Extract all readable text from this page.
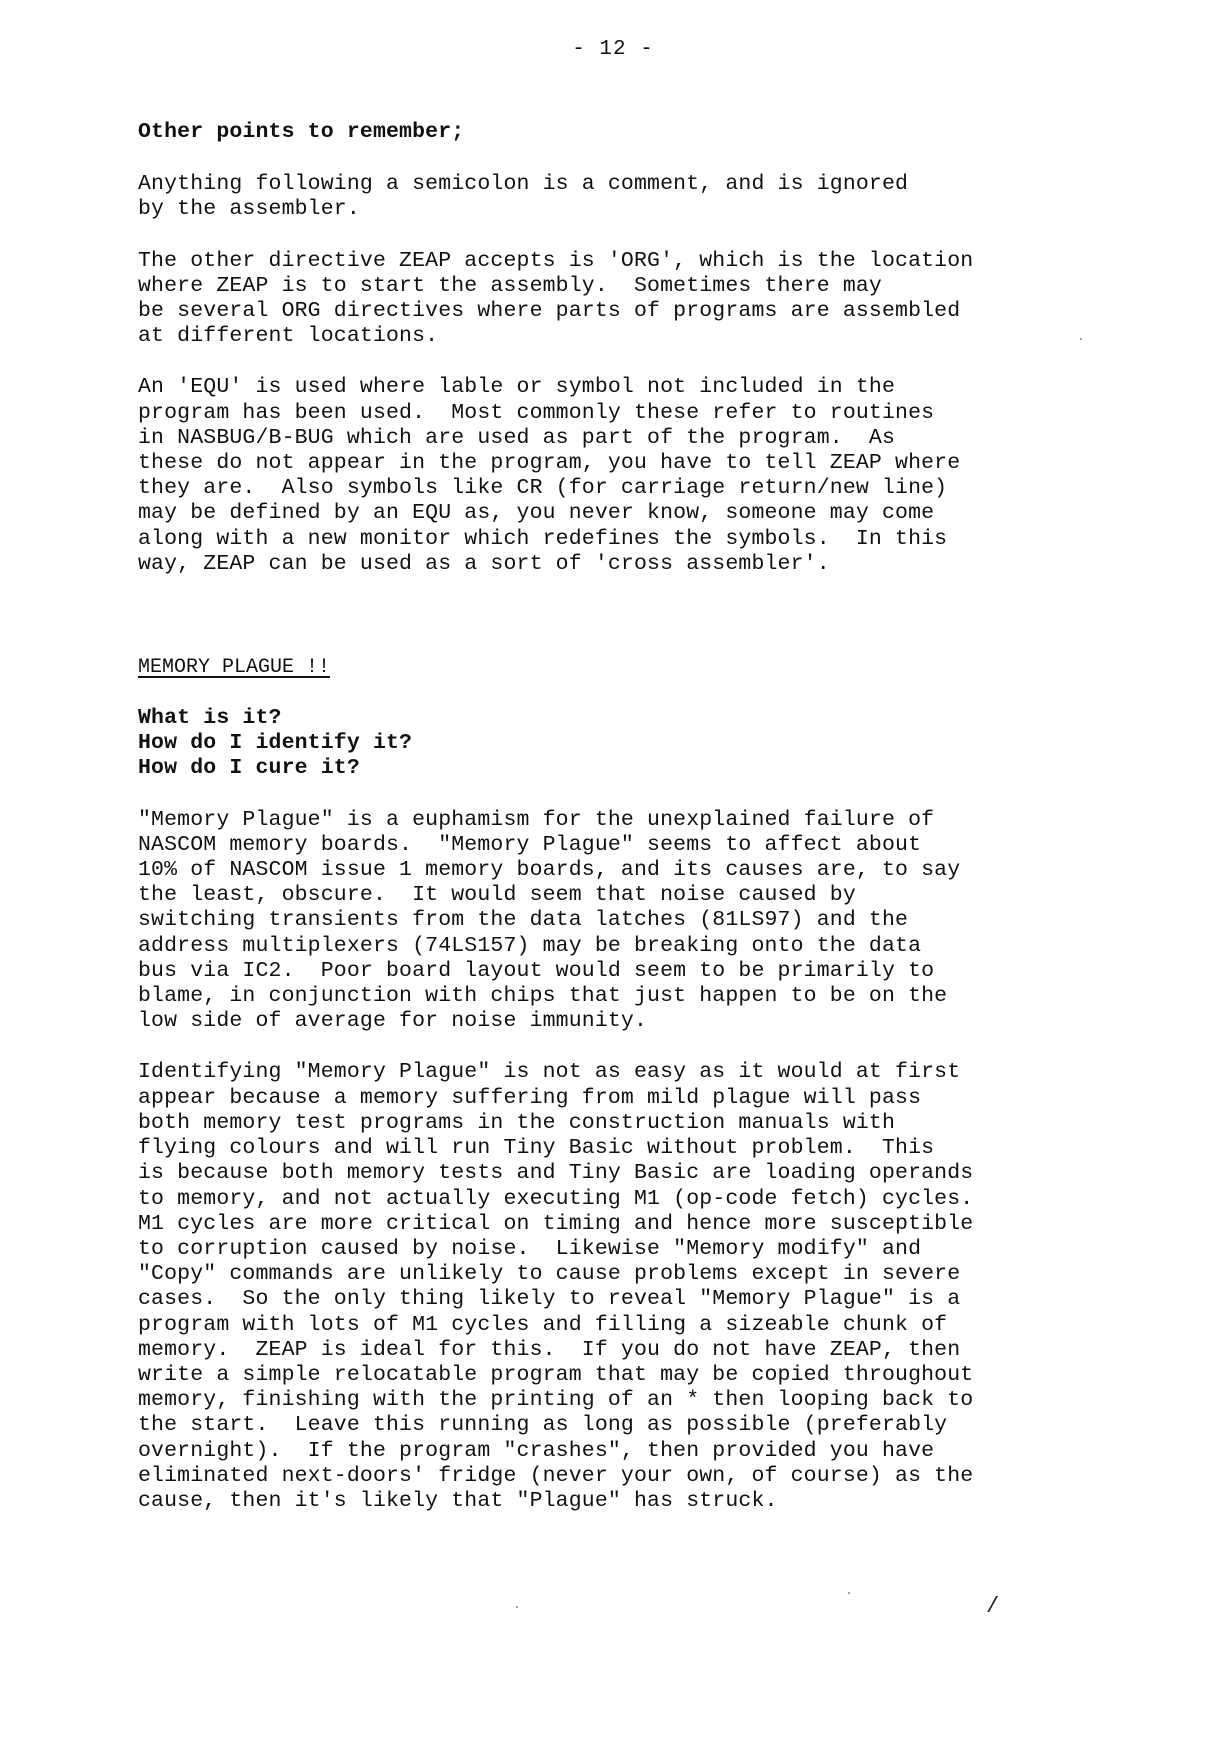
- 12 -
Other points to remember;
Anything following a semicolon is a comment, and is ignored
by the assembler.
The other directive ZEAP accepts is 'ORG', which is the location
where ZEAP is to start the assembly.  Sometimes there may
be several ORG directives where parts of programs are assembled
at different locations.
An 'EQU' is used where lable or symbol not included in the
program has been used.  Most commonly these refer to routines
in NASBUG/B-BUG which are used as part of the program.  As
these do not appear in the program, you have to tell ZEAP where
they are.  Also symbols like CR (for carriage return/new line)
may be defined by an EQU as, you never know, someone may come
along with a new monitor which redefines the symbols.  In this
way, ZEAP can be used as a sort of 'cross assembler'.
MEMORY PLAGUE !!
What is it?
How do I identify it?
How do I cure it?
"Memory Plague" is a euphamism for the unexplained failure of
NASCOM memory boards.  "Memory Plague" seems to affect about
10% of NASCOM issue 1 memory boards, and its causes are, to say
the least, obscure.  It would seem that noise caused by
switching transients from the data latches (81LS97) and the
address multiplexers (74LS157) may be breaking onto the data
bus via IC2.  Poor board layout would seem to be primarily to
blame, in conjunction with chips that just happen to be on the
low side of average for noise immunity.
Identifying "Memory Plague" is not as easy as it would at first
appear because a memory suffering from mild plague will pass
both memory test programs in the construction manuals with
flying colours and will run Tiny Basic without problem.  This
is because both memory tests and Tiny Basic are loading operands
to memory, and not actually executing M1 (op-code fetch) cycles.
M1 cycles are more critical on timing and hence more susceptible
to corruption caused by noise.  Likewise "Memory modify" and
"Copy" commands are unlikely to cause problems except in severe
cases.  So the only thing likely to reveal "Memory Plague" is a
program with lots of M1 cycles and filling a sizeable chunk of
memory.  ZEAP is ideal for this.  If you do not have ZEAP, then
write a simple relocatable program that may be copied throughout
memory, finishing with the printing of an * then looping back to
the start.  Leave this running as long as possible (preferably
overnight).  If the program "crashes", then provided you have
eliminated next-doors' fridge (never your own, of course) as the
cause, then it's likely that "Plague" has struck.
/
